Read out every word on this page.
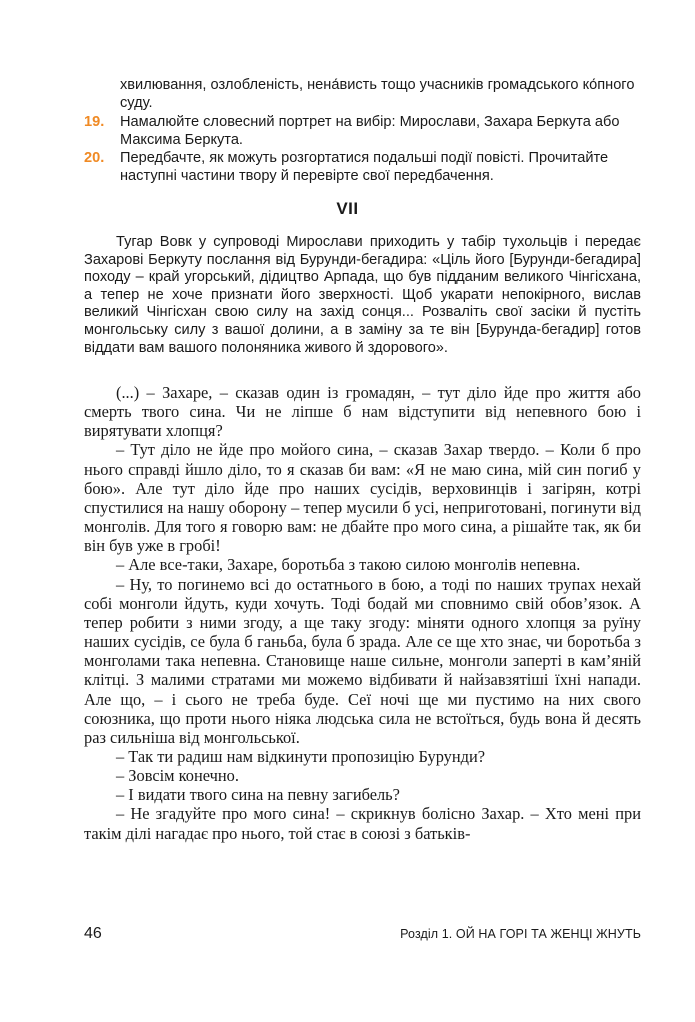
хвилювання, озлобленість, нена́висть тощо учасників громадського ко́пного суду.
19. Намалюйте словесний портрет на вибір: Мирослави, Захара Беркута або Максима Беркута.
20. Передбачте, як можуть розгортатися подальші події повісті. Прочитайте наступні частини твору й перевірте свої передбачення.
VII

Тугар Вовк у супроводі Мирослави приходить у табір тухольців і передає Захарові Беркуту послання від Бурунди-бегадира: «Ціль його [Бурунди-бегадира] походу – край угорський, дідицтво Арпада, що був підданим великого Чінгісхана, а тепер не хоче признати його зверхності. Щоб укарати непокірного, вислав великий Чінгісхан свою силу на захід сонця... Розваліть свої засіки й пустіть монгольську силу з вашої долини, а в заміну за те він [Бурунда-бегадир] готов віддати вам вашого полоняника живого й здорового».

(...) – Захаре, – сказав один із громадян, – тут діло йде про життя або смерть твого сина. Чи не ліпше б нам відступити від непевного бою і вирятувати хлопця?

– Тут діло не йде про мойого сина, – сказав Захар твердо. – Коли б про нього справді йшло діло, то я сказав би вам: «Я не маю сина, мій син погиб у бою». Але тут діло йде про наших сусідів, верховинців і загірян, котрі спустилися на нашу оборону – тепер мусили б усі, неприготовані, погинути від монголів. Для того я говорю вам: не дбайте про мого сина, а рішайте так, як би він був уже в гробі!

– Але все-таки, Захаре, боротьба з такою силою монголів непевна.

– Ну, то погинемо всі до остатнього в бою, а тоді по наших трупах нехай собі монголи йдуть, куди хочуть. Тоді бодай ми сповнимо свій обов’язок. А тепер робити з ними згоду, а ще таку згоду: міняти одного хлопця за руїну наших сусідів, се була б ганьба, була б зрада. Але се ще хто знає, чи боротьба з монголами така непевна. Становище наше сильне, монголи заперті в кам’яній клітці. З малими стратами ми можемо відбивати й найзавзятіші їхні напади. Але що, – і сього не треба буде. Сеї ночі ще ми пустимо на них свого союзника, що проти нього ніяка людська сила не встоїться, будь вона й десять раз сильніша від монгольської.

– Так ти радиш нам відкинути пропозицію Бурунди?

– Зовсім конечно.

– І видати твого сина на певну загибель?

– Не згадуйте про мого сина! – скрикнув болісно Захар. – Хто мені при такім ділі нагадає про нього, той стає в союзі з батьків-

46	Розділ 1. ОЙ НА ГОРІ ТА ЖЕНЦІ ЖНУТЬ
